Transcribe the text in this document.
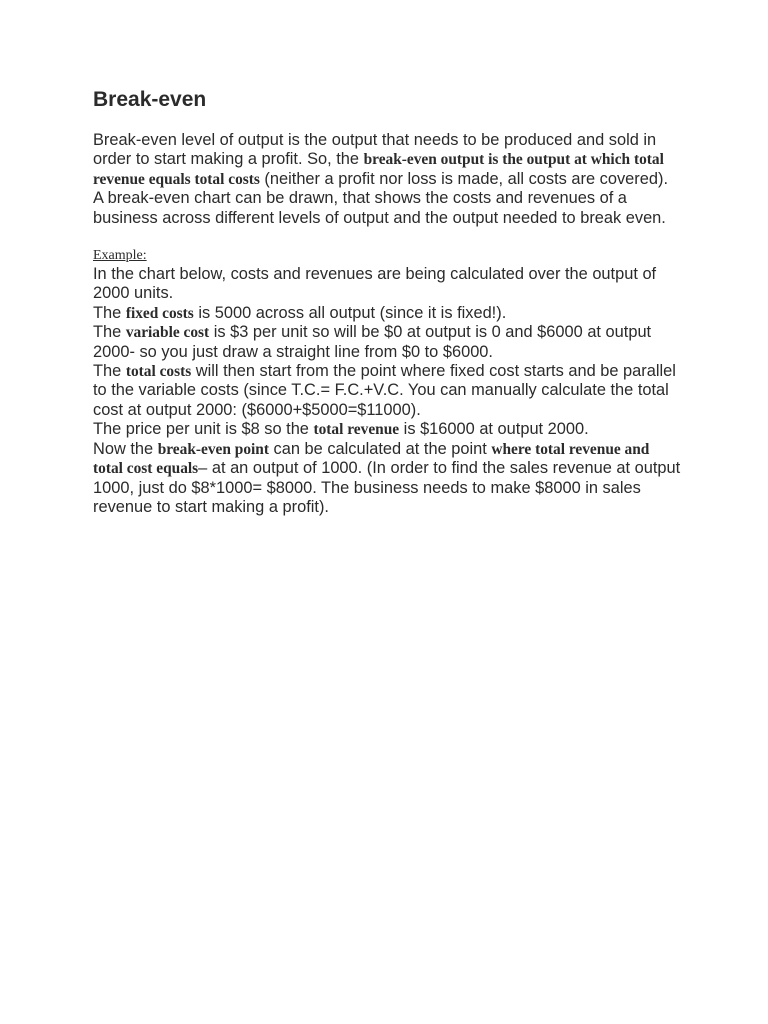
Break-even

Break-even level of output is the output that needs to be produced and sold in order to start making a profit. So, the break-even output is the output at which total revenue equals total costs (neither a profit nor loss is made, all costs are covered).

A break-even chart can be drawn, that shows the costs and revenues of a business across different levels of output and the output needed to break even.

Example:

In the chart below, costs and revenues are being calculated over the output of 2000 units.

The fixed costs is 5000 across all output (since it is fixed!).

The variable cost is $3 per unit so will be $0 at output is 0 and $6000 at output 2000- so you just draw a straight line from $0 to $6000.

The total costs will then start from the point where fixed cost starts and be parallel to the variable costs (since T.C.= F.C.+V.C. You can manually calculate the total cost at output 2000: ($6000+$5000=$11000).

The price per unit is $8 so the total revenue is $16000 at output 2000.

Now the break-even point can be calculated at the point where total revenue and total cost equals– at an output of 1000. (In order to find the sales revenue at output 1000, just do $8*1000= $8000. The business needs to make $8000 in sales revenue to start making a profit).
